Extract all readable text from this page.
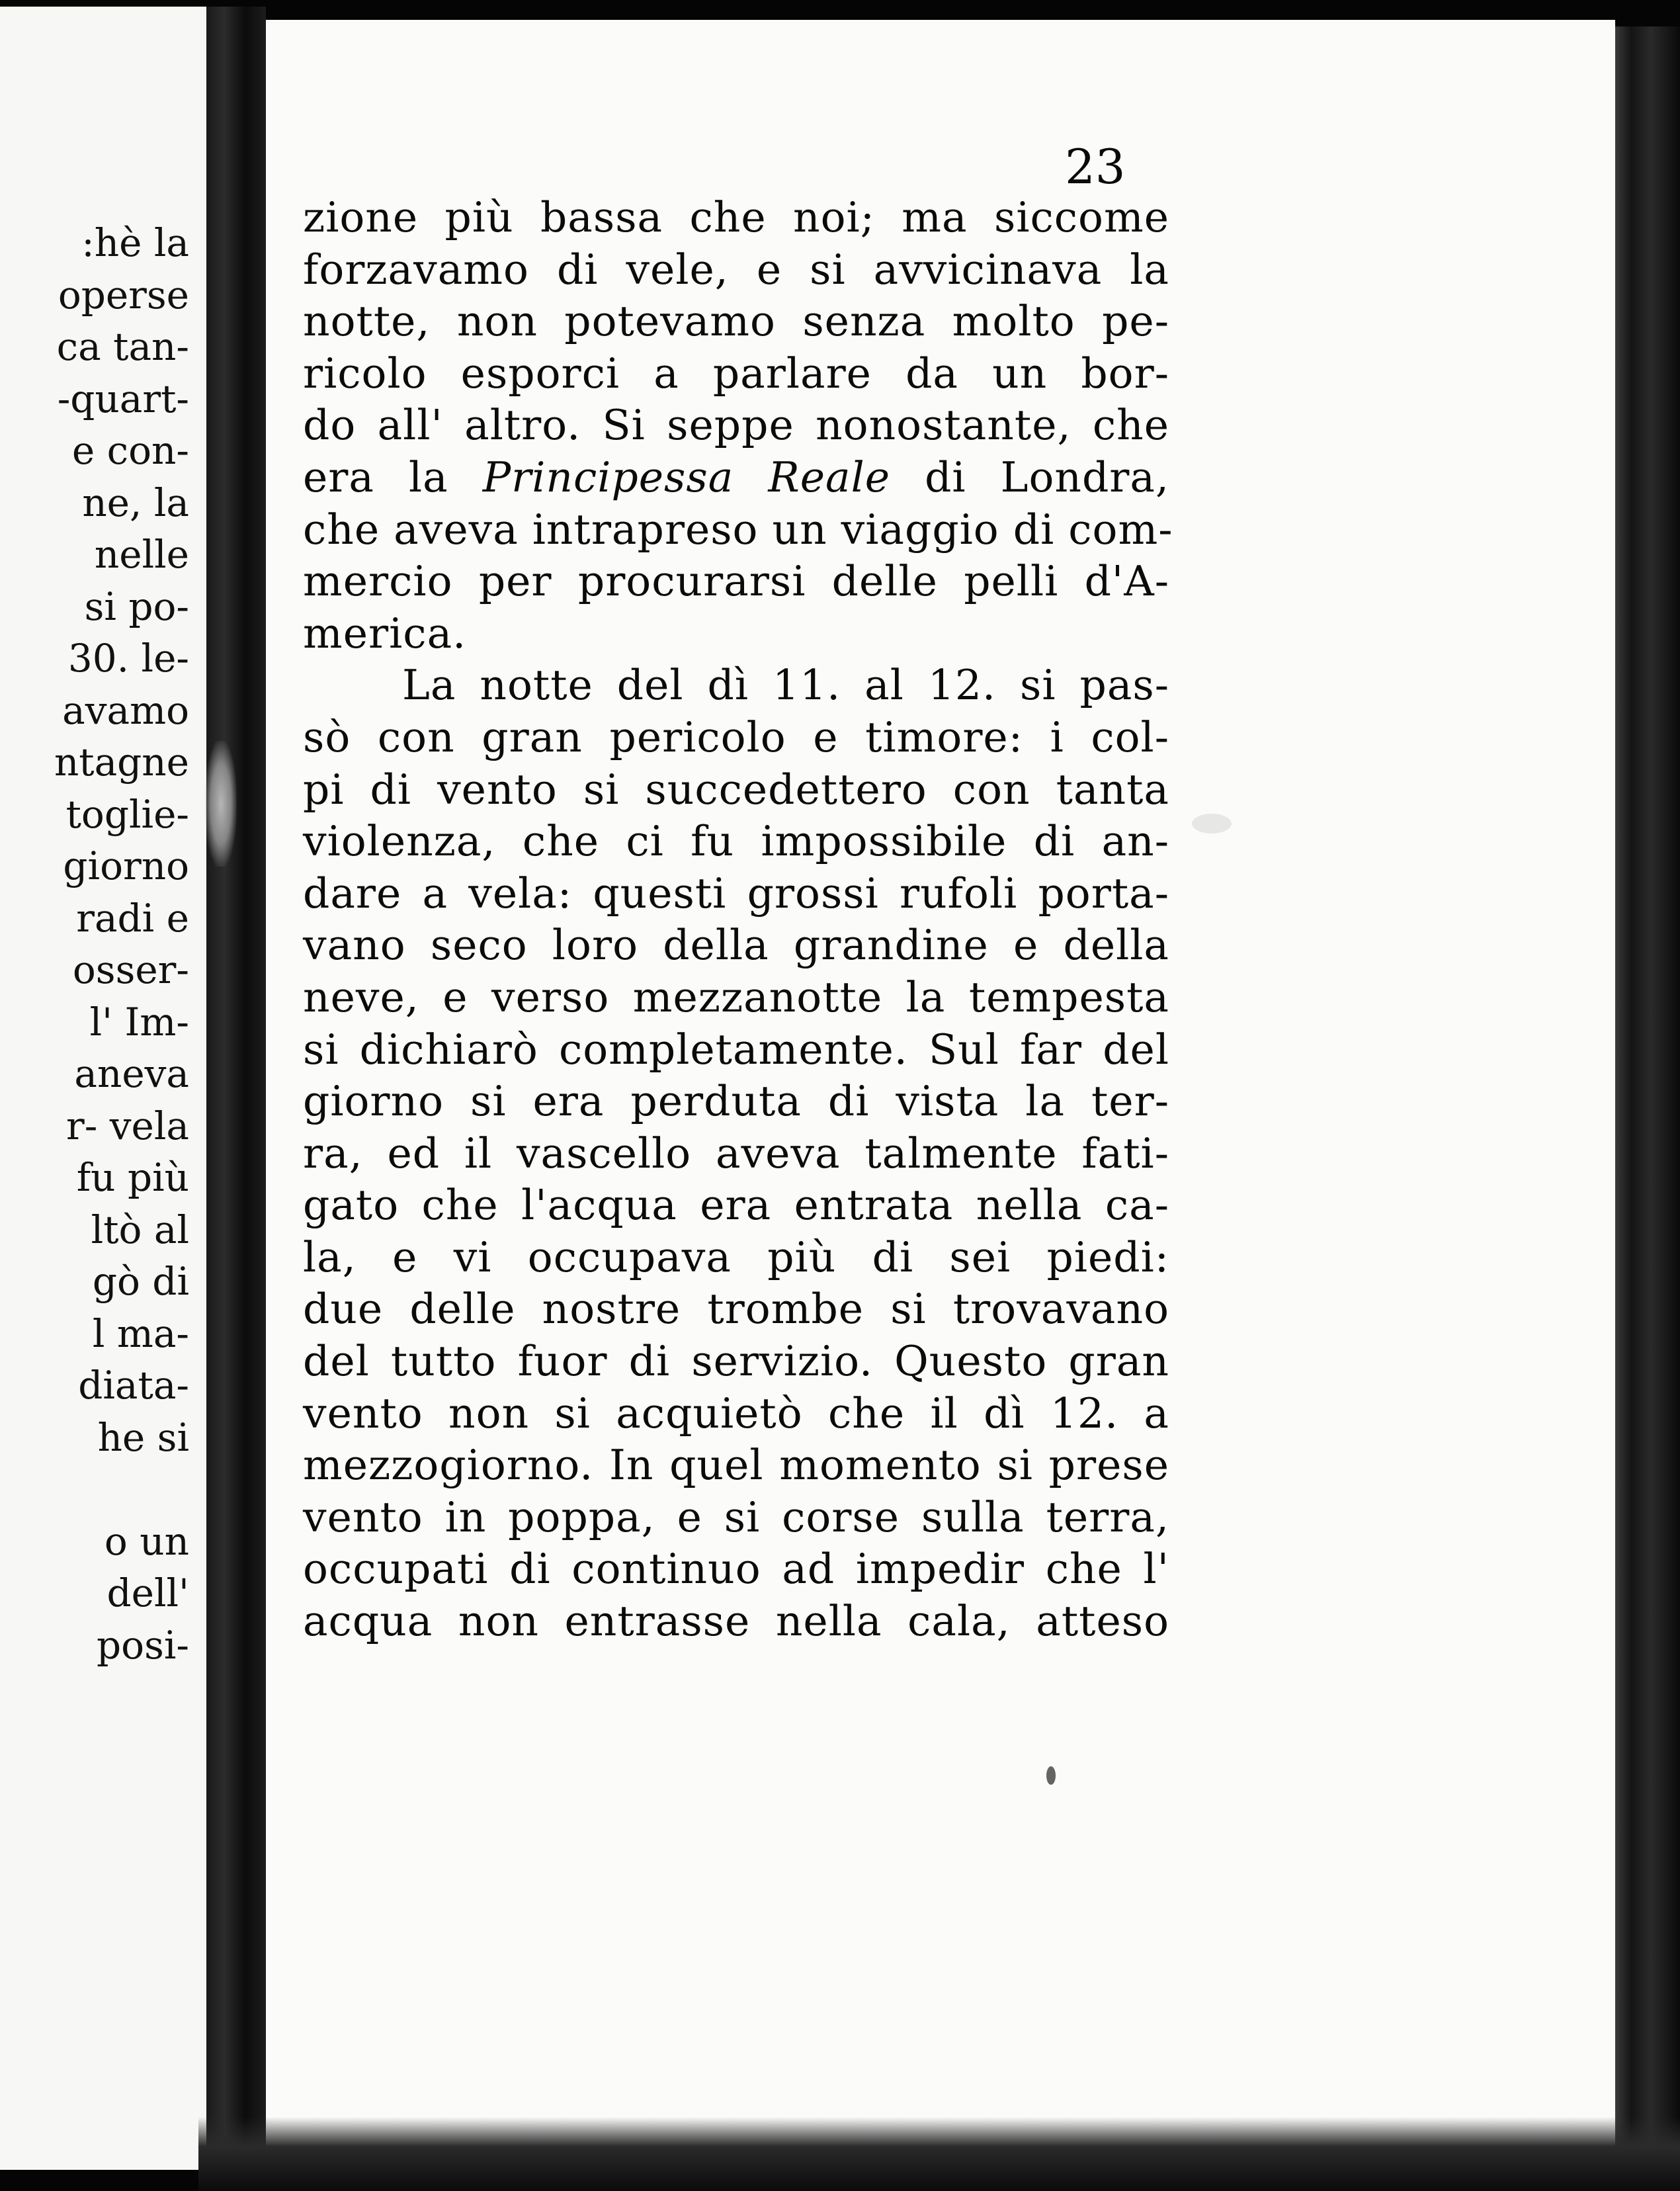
:hè la
operse
ca tan-
-quart-
e con-
ne, la
nelle
si po-
30. le-
avamo
ntagne
toglie-
giorno
radi e
osser-
l' Im-
aneva
r- vela
fu più
ltò al
gò di
l ma-
diata-
he si
o un
dell'
posi-
23
zione più bassa che noi; ma siccome
forzavamo di vele, e si avvicinava la
notte, non potevamo senza molto pe-
ricolo esporci a parlare da un bor-
do all' altro. Si seppe nonostante, che
era la Principessa Reale di Londra,
che aveva intrapreso un viaggio di com-
mercio per procurarsi delle pelli d'A-
merica.
La notte del dì 11. al 12. si pas-
sò con gran pericolo e timore: i col-
pi di vento si succedettero con tanta
violenza, che ci fu impossibile di an-
dare a vela: questi grossi rufoli porta-
vano seco loro della grandine e della
neve, e verso mezzanotte la tempesta
si dichiarò completamente. Sul far del
giorno si era perduta di vista la ter-
ra, ed il vascello aveva talmente fati-
gato che l'acqua era entrata nella ca-
la, e vi occupava più di sei piedi:
due delle nostre trombe si trovavano
del tutto fuor di servizio. Questo gran
vento non si acquietò che il dì 12. a
mezzogiorno. In quel momento si prese
vento in poppa, e si corse sulla terra,
occupati di continuo ad impedir che l'
acqua non entrasse nella cala, atteso
